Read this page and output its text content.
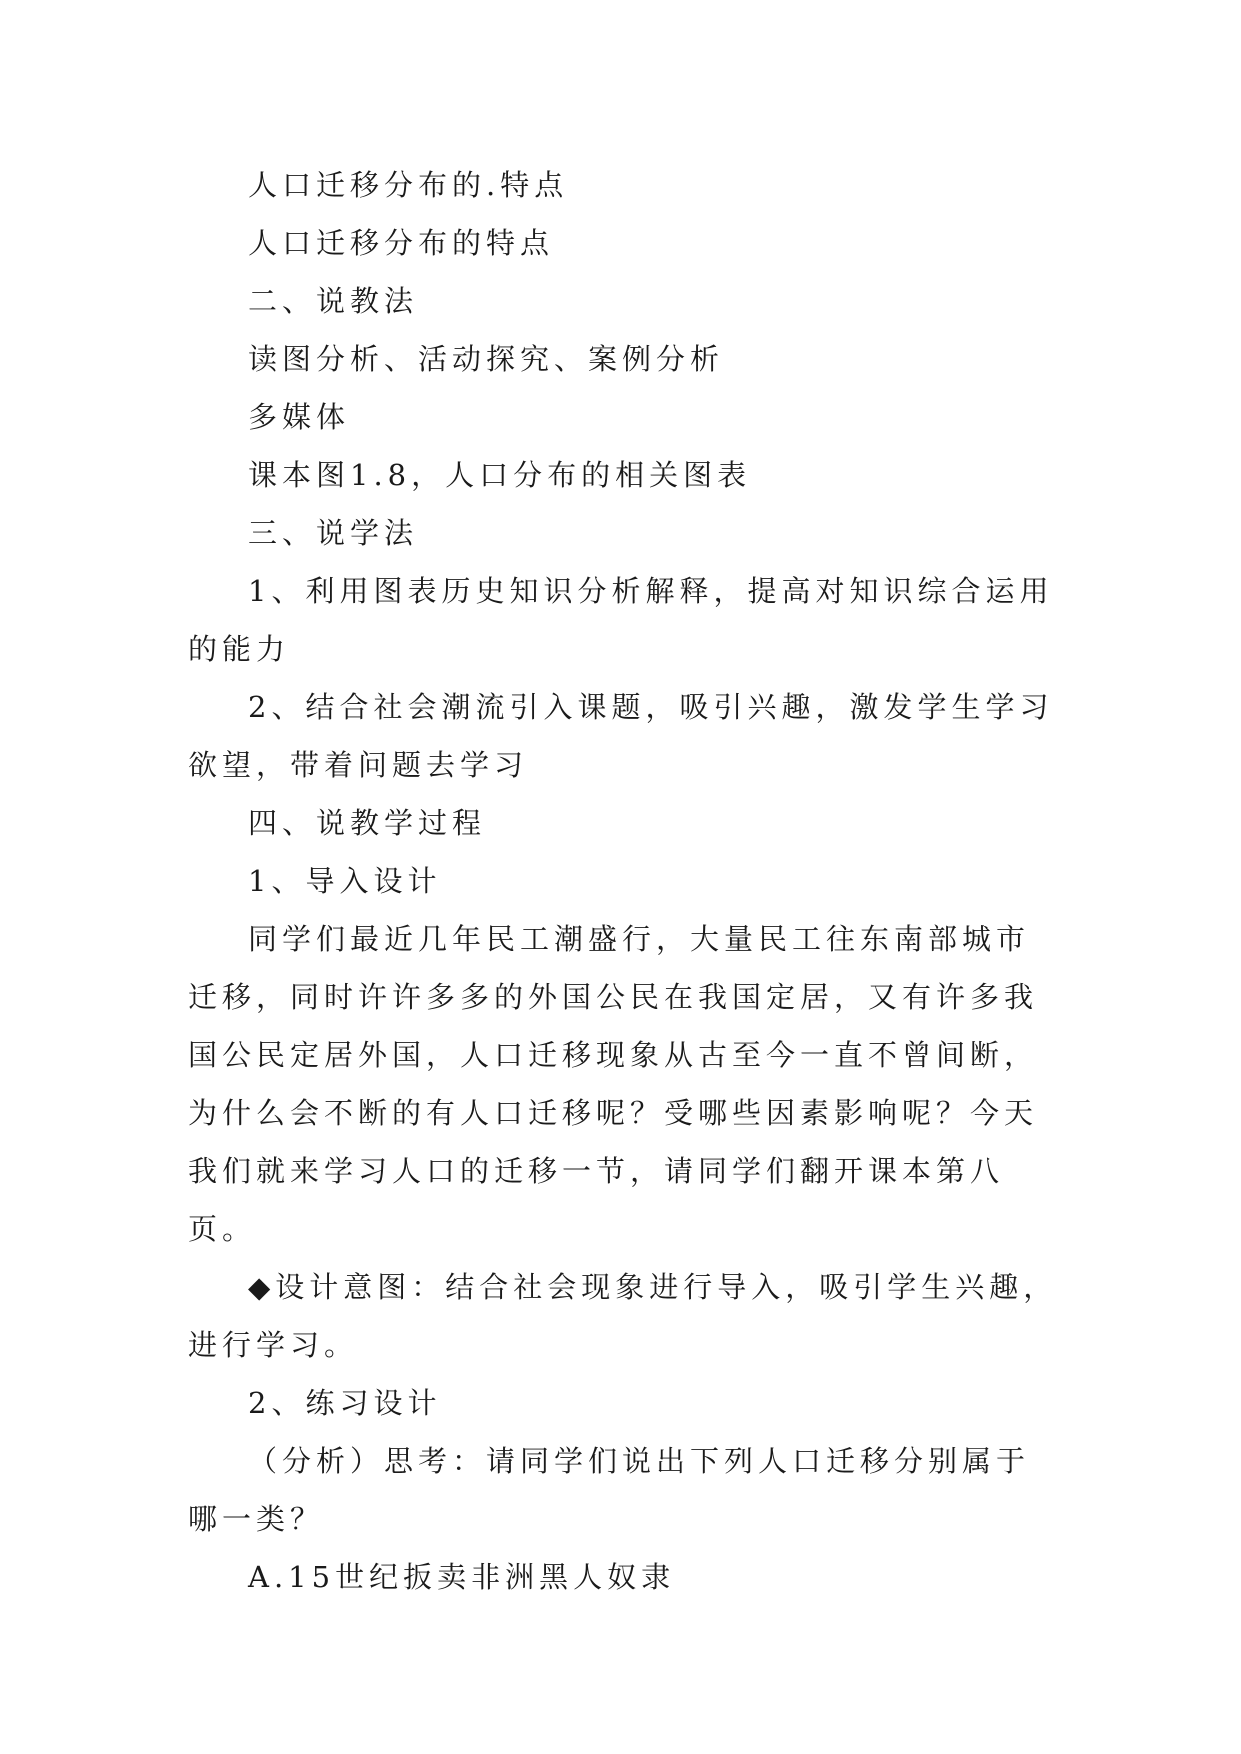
人口迁移分布的.特点

人口迁移分布的特点

二、说教法

读图分析、活动探究、案例分析

多媒体

课本图1.8，人口分布的相关图表

三、说学法

1、利用图表历史知识分析解释，提高对知识综合运用的能力

2、结合社会潮流引入课题，吸引兴趣，激发学生学习欲望，带着问题去学习

四、说教学过程

1、导入设计

同学们最近几年民工潮盛行，大量民工往东南部城市迁移，同时许许多多的外国公民在我国定居，又有许多我国公民定居外国，人口迁移现象从古至今一直不曾间断，为什么会不断的有人口迁移呢？受哪些因素影响呢？今天我们就来学习人口的迁移一节，请同学们翻开课本第八页。

◆设计意图：结合社会现象进行导入，吸引学生兴趣，进行学习。

2、练习设计

（分析）思考：请同学们说出下列人口迁移分别属于哪一类？

A.15世纪扳卖非洲黑人奴隶
